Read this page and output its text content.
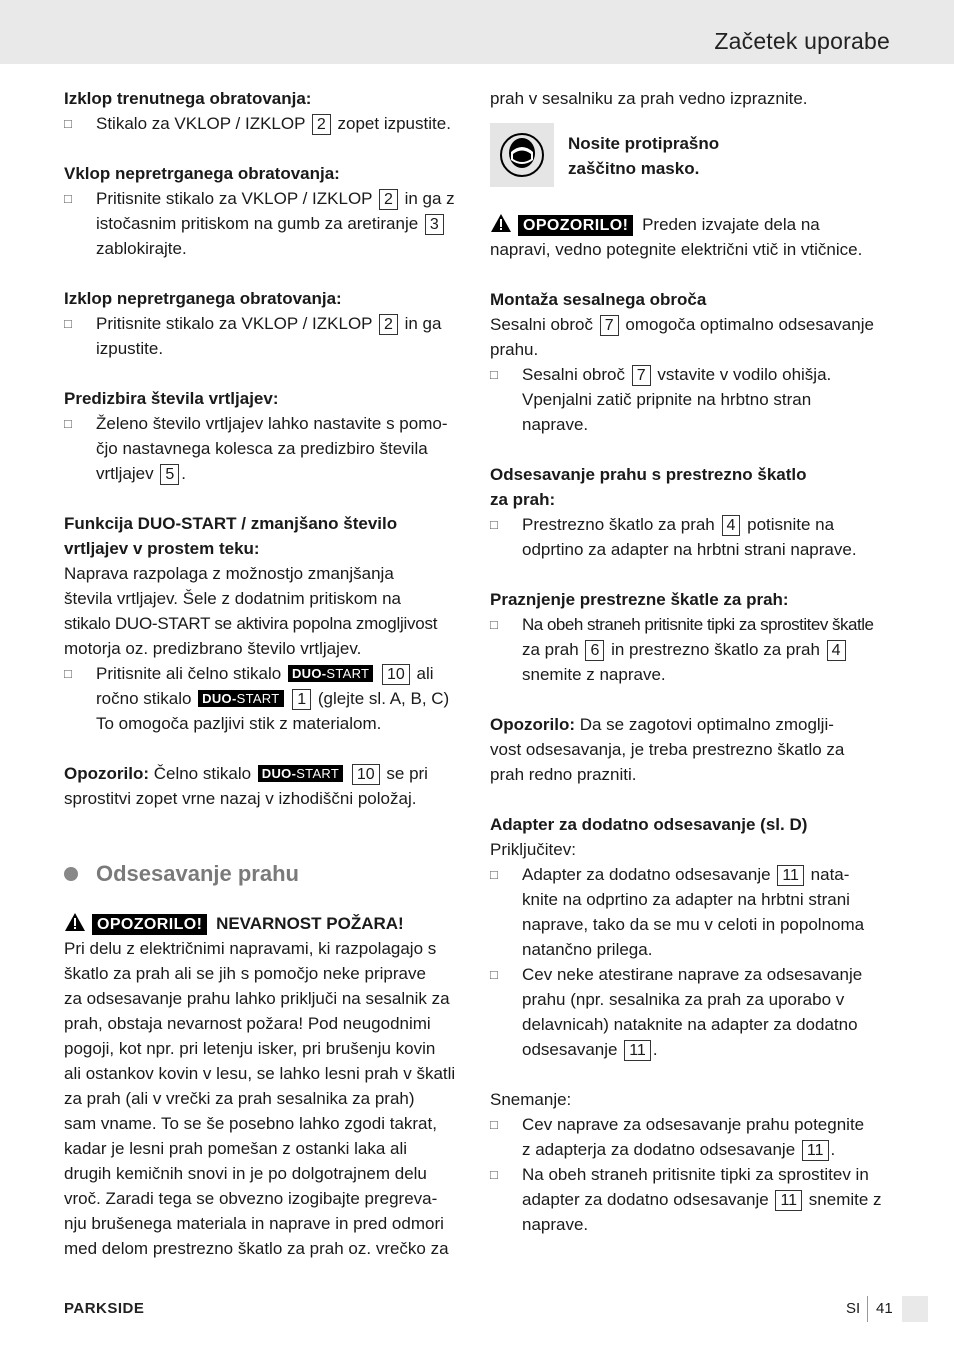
Začetek uporabe
Izklop trenutnega obratovanja:
□ Stikalo za VKLOP / IZKLOP 2 zopet izpustite.
Vklop nepretrganega obratovanja:
□ Pritisnite stikalo za VKLOP / IZKLOP 2 in ga z
istočasnim pritiskom na gumb za aretiranje 3
zablokirajte.
Izklop nepretrganega obratovanja:
□ Pritisnite stikalo za VKLOP / IZKLOP 2 in ga
izpustite.
Predizbira števila vrtljajev:
□ Želeno število vrtljajev lahko nastavite s pomo-
čjo nastavnega kolesca za predizbiro števila
vrtljajev 5 .
Funkcija DUO-START / zmanjšano število
vrtljajev v prostem teku:
Naprava razpolaga z možnostjo zmanjšanja
števila vrtljajev. Šele z dodatnim pritiskom na
stikalo DUO-START se aktivira popolna zmogljivost
motorja oz. predizbrano število vrtljajev.
□ Pritisnite ali čelno stikalo DUO-START 10 ali
ročno stikalo DUO-START 1 (glejte sl. A, B, C)
To omogoča pazljivi stik z materialom.
Opozorilo: Čelno stikalo DUO-START 10 se pri
sprostitvi zopet vrne nazaj v izhodiščni položaj.
Odsesavanje prahu
OPOZORILO! NEVARNOST POŽARA!
Pri delu z električnimi napravami, ki razpolagajo s
škatlo za prah ali se jih s pomočjo neke priprave
za odsesavanje prahu lahko priključi na sesalnik za
prah, obstaja nevarnost požara! Pod neugodnimi
pogoji, kot npr. pri letenju isker, pri brušenju kovin
ali ostankov kovin v lesu, se lahko lesni prah v škatli
za prah (ali v vrečki za prah sesalnika za prah)
sam vname. To se še posebno lahko zgodi takrat,
kadar je lesni prah pomešan z ostanki laka ali
drugih kemičnih snovi in je po dolgotrajnem delu
vroč. Zaradi tega se obvezno izogibajte pregreva-
nju brušenega materiala in naprave in pred odmori
med delom prestrezno škatlo za prah oz. vrečko za
prah v sesalniku za prah vedno izpraznite.
Nosite protiprašno
zaščitno masko.
OPOZORILO! Preden izvajate dela na
napravi, vedno potegnite električni vtič in vtičnice.
Montaža sesalnega obroča
Sesalni obroč 7 omogoča optimalno odsesavanje
prahu.
□ Sesalni obroč 7 vstavite v vodilo ohišja.
Vpenjalni zatič pripnite na hrbtno stran
naprave.
Odsesavanje prahu s prestrezno škatlo
za prah:
□ Prestrezno škatlo za prah 4 potisnite na
odprtino za adapter na hrbtni strani naprave.
Praznjenje prestrezne škatle za prah:
□ Na obeh straneh pritisnite tipki za sprostitev škatle
za prah 6 in prestrezno škatlo za prah 4
snemite z naprave.
Opozorilo: Da se zagotovi optimalno zmoglji-
vost odsesavanja, je treba prestrezno škatlo za
prah redno prazniti.
Adapter za dodatno odsesavanje (sl. D)
Priključitev:
□ Adapter za dodatno odsesavanje 11 nata-
knite na odprtino za adapter na hrbtni strani
naprave, tako da se mu v celoti in popolnoma
natančno prilega.
□ Cev neke atestirane naprave za odsesavanje
prahu (npr. sesalnika za prah za uporabo v
delavnicah) nataknite na adapter za dodatno
odsesavanje 11 .
Snemanje:
□ Cev naprave za odsesavanje prahu potegnite
z adapterja za dodatno odsesavanje 11 .
□ Na obeh straneh pritisnite tipki za sprostitev in
adapter za dodatno odsesavanje 11 snemite z
naprave.
PARKSIDE	SI 41
